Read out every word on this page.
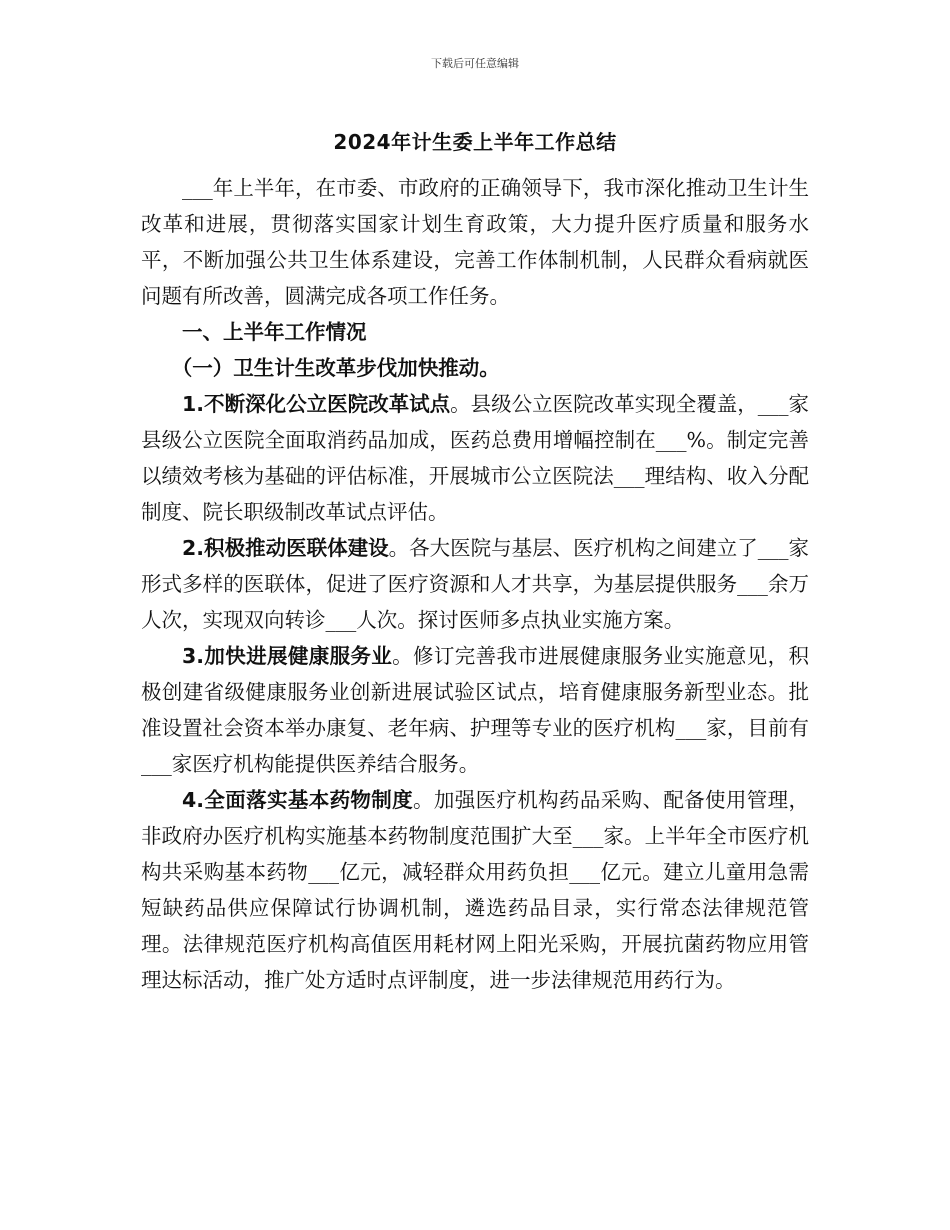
下载后可任意编辑
2024年计生委上半年工作总结

___年上半年，在市委、市政府的正确领导下，我市深化推动卫生计生改革和进展，贯彻落实国家计划生育政策，大力提升医疗质量和服务水平，不断加强公共卫生体系建设，完善工作体制机制，人民群众看病就医问题有所改善，圆满完成各项工作任务。

一、上半年工作情况

（一）卫生计生改革步伐加快推动。

1.不断深化公立医院改革试点。县级公立医院改革实现全覆盖，___家县级公立医院全面取消药品加成，医药总费用增幅控制在___%。制定完善以绩效考核为基础的评估标准，开展城市公立医院法___理结构、收入分配制度、院长职级制改革试点评估。

2.积极推动医联体建设。各大医院与基层、医疗机构之间建立了___家形式多样的医联体，促进了医疗资源和人才共享，为基层提供服务___余万人次，实现双向转诊___人次。探讨医师多点执业实施方案。

3.加快进展健康服务业。修订完善我市进展健康服务业实施意见，积极创建省级健康服务业创新进展试验区试点，培育健康服务新型业态。批准设置社会资本举办康复、老年病、护理等专业的医疗机构___家，目前有___家医疗机构能提供医养结合服务。

4.全面落实基本药物制度。加强医疗机构药品采购、配备使用管理，非政府办医疗机构实施基本药物制度范围扩大至___家。上半年全市医疗机构共采购基本药物___亿元，减轻群众用药负担___亿元。建立儿童用急需短缺药品供应保障试行协调机制，遴选药品目录，实行常态法律规范管理。法律规范医疗机构高值医用耗材网上阳光采购，开展抗菌药物应用管理达标活动，推广处方适时点评制度，进一步法律规范用药行为。
